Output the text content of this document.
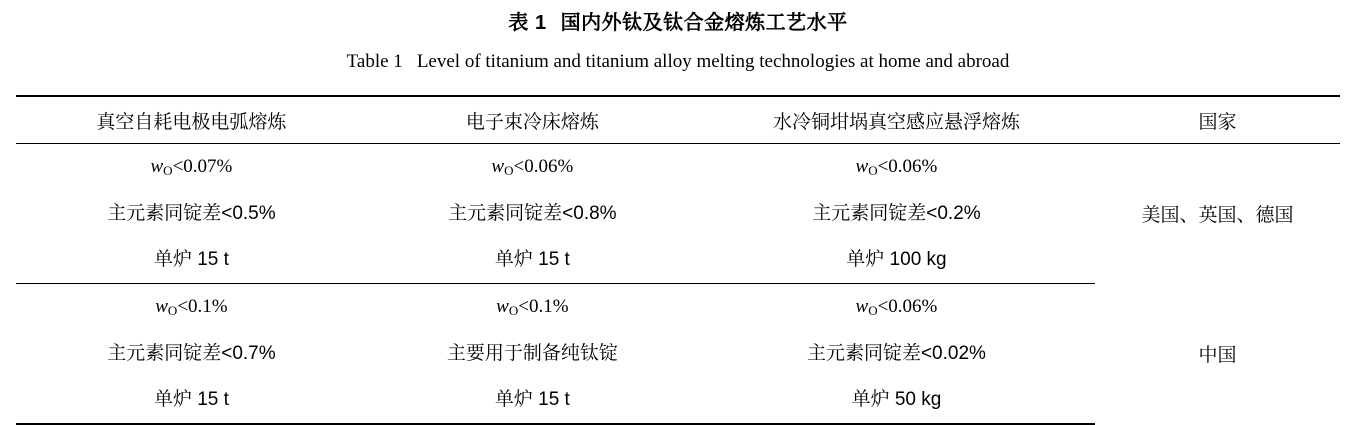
表 1 国内外钛及钛合金熔炼工艺水平
Table 1 Level of titanium and titanium alloy melting technologies at home and abroad
真空自耗电极电弧熔炼	电子束冷床熔炼	水冷铜坩埚真空感应悬浮熔炼	国家
$w_O<0.07\%$	$w_O<0.06\%$	$w_O<0.06\%$	美国、英国、德国
主元素同锭差<0.5%	主元素同锭差<0.8%	主元素同锭差<0.2%	
单炉 15 t	单炉 15 t	单炉 100 kg	
$w_O<0.1\%$	$w_O<0.1\%$	$w_O<0.06\%$	中国
主元素同锭差<0.7%	主要用于制备纯钛锭	主元素同锭差<0.02%	
单炉 15 t	单炉 15 t	单炉 50 kg	
